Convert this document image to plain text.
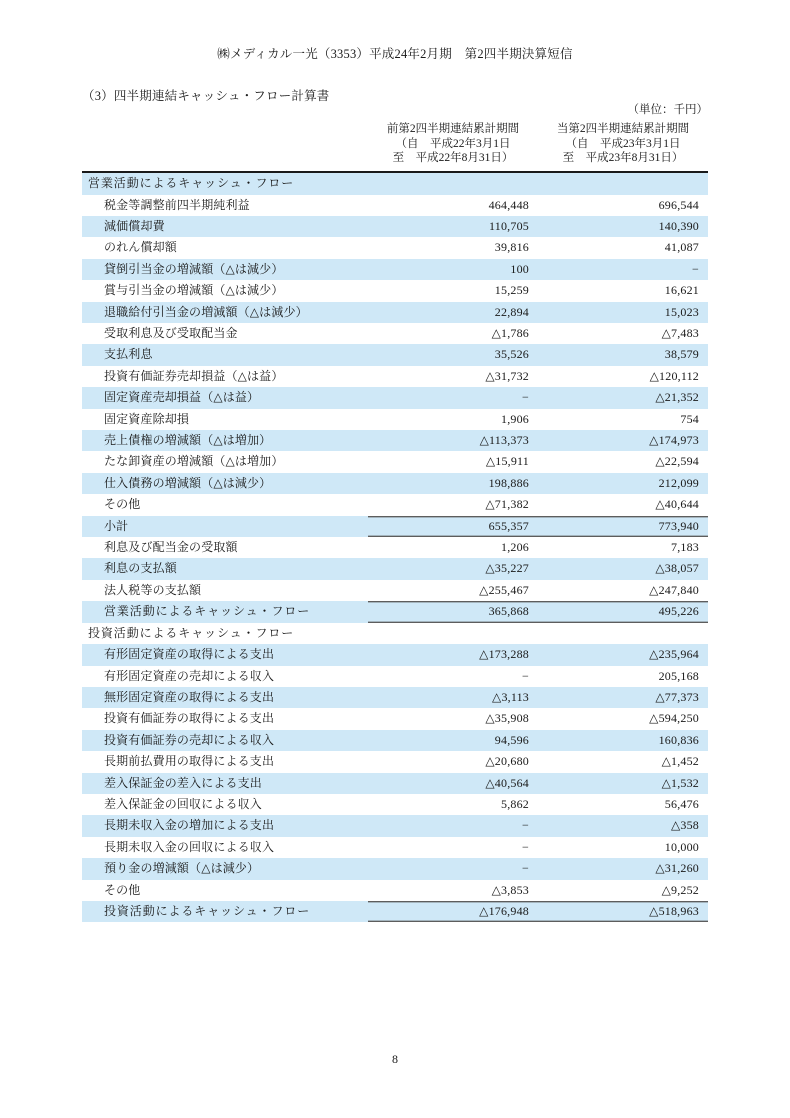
㈱メディカル一光（3353）平成24年2月期　第2四半期決算短信
（3）四半期連結キャッシュ・フロー計算書
（単位：千円）

前第2四半期連結累計期間
（自　平成22年3月1日
至　平成22年8月31日）

当第2四半期連結累計期間
（自　平成23年3月1日
至　平成23年8月31日）

営業活動によるキャッシュ・フロー		
税金等調整前四半期純利益	464,448	696,544
減価償却費	110,705	140,390
のれん償却額	39,816	41,087
貸倒引当金の増減額（△は減少）	100	−
賞与引当金の増減額（△は減少）	15,259	16,621
退職給付引当金の増減額（△は減少）	22,894	15,023
受取利息及び受取配当金	△1,786	△7,483
支払利息	35,526	38,579
投資有価証券売却損益（△は益）	△31,732	△120,112
固定資産売却損益（△は益）	−	△21,352
固定資産除却損	1,906	754
売上債権の増減額（△は増加）	△113,373	△174,973
たな卸資産の増減額（△は増加）	△15,911	△22,594
仕入債務の増減額（△は減少）	198,886	212,099
その他	△71,382	△40,644
小計	655,357	773,940
利息及び配当金の受取額	1,206	7,183
利息の支払額	△35,227	△38,057
法人税等の支払額	△255,467	△247,840
営業活動によるキャッシュ・フロー	365,868	495,226
投資活動によるキャッシュ・フロー		
有形固定資産の取得による支出	△173,288	△235,964
有形固定資産の売却による収入	−	205,168
無形固定資産の取得による支出	△3,113	△77,373
投資有価証券の取得による支出	△35,908	△594,250
投資有価証券の売却による収入	94,596	160,836
長期前払費用の取得による支出	△20,680	△1,452
差入保証金の差入による支出	△40,564	△1,532
差入保証金の回収による収入	5,862	56,476
長期未収入金の増加による支出	−	△358
長期未収入金の回収による収入	−	10,000
預り金の増減額（△は減少）	−	△31,260
その他	△3,853	△9,252
投資活動によるキャッシュ・フロー	△176,948	△518,963
8
